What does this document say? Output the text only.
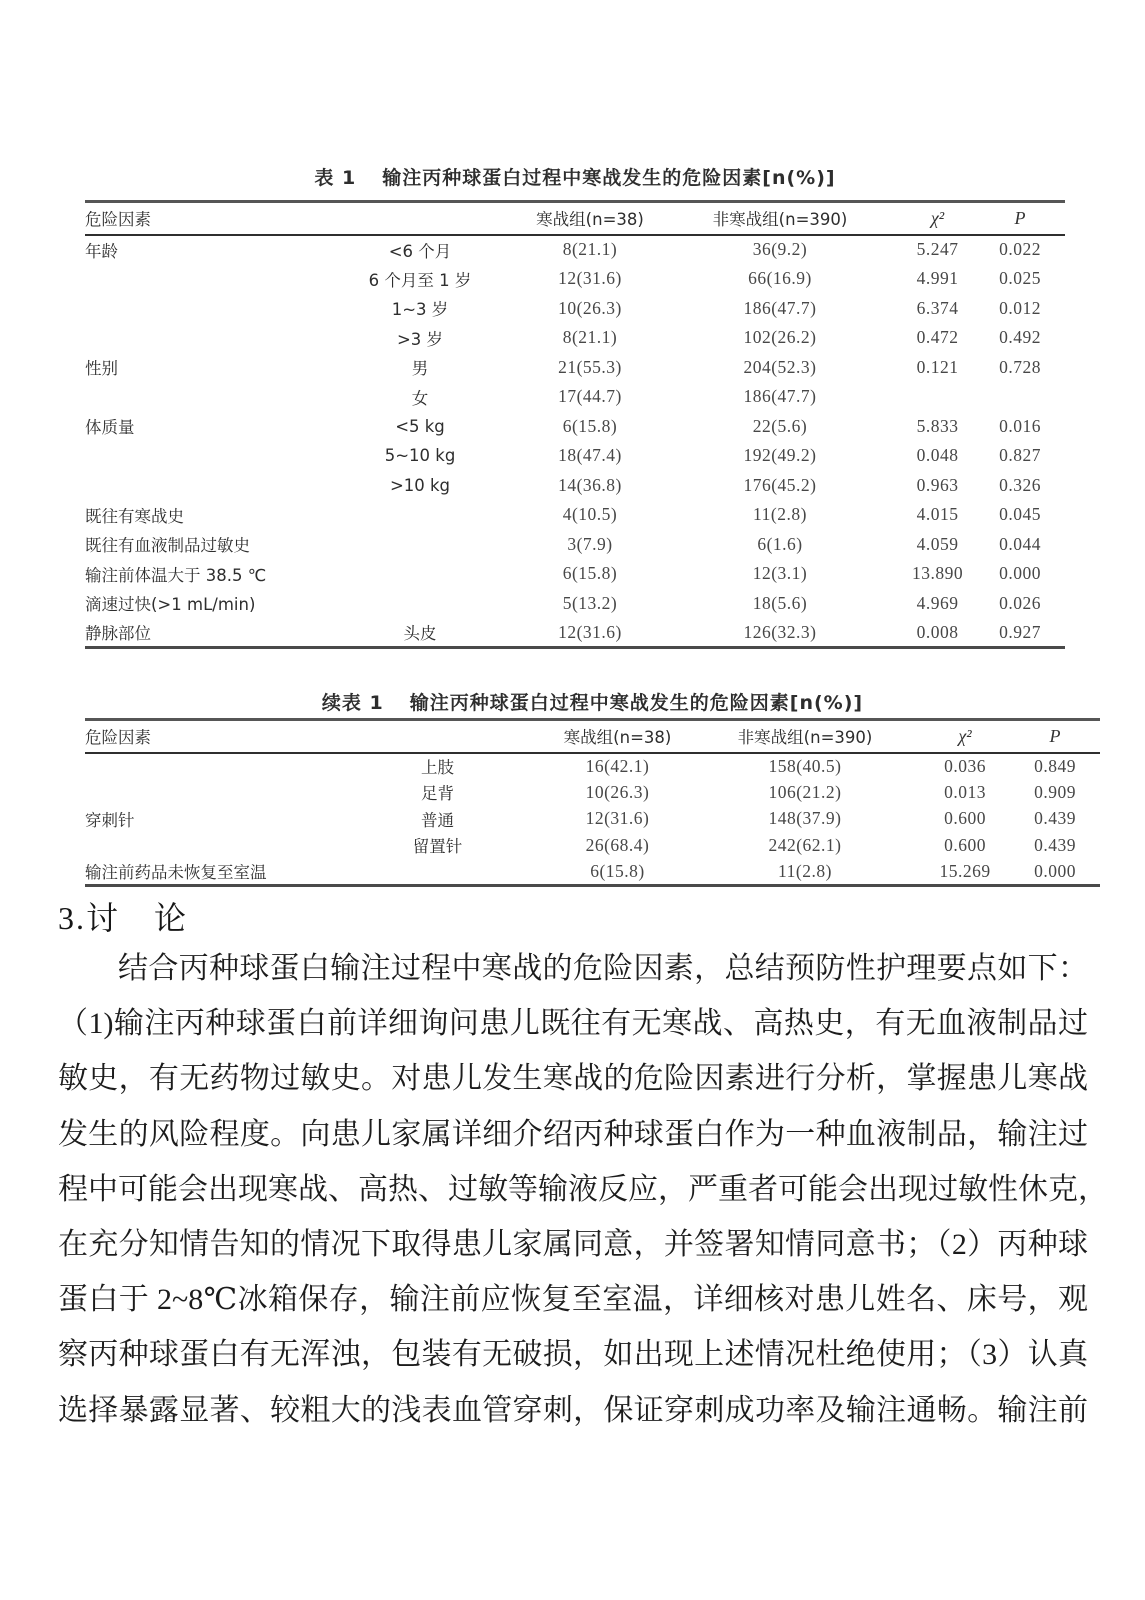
表 1 输注丙种球蛋白过程中寒战发生的危险因素[n(%)]
危险因素		寒战组(n=38)	非寒战组(n=390)	χ²	P
年龄	<6 个月	8(21.1)	36(9.2)	5.247	0.022
	6 个月至 1 岁	12(31.6)	66(16.9)	4.991	0.025
	1~3 岁	10(26.3)	186(47.7)	6.374	0.012
	>3 岁	8(21.1)	102(26.2)	0.472	0.492
性别	男	21(55.3)	204(52.3)	0.121	0.728
	女	17(44.7)	186(47.7)		
体质量	<5 kg	6(15.8)	22(5.6)	5.833	0.016
	5~10 kg	18(47.4)	192(49.2)	0.048	0.827
	>10 kg	14(36.8)	176(45.2)	0.963	0.326
既往有寒战史		4(10.5)	11(2.8)	4.015	0.045
既往有血液制品过敏史		3(7.9)	6(1.6)	4.059	0.044
输注前体温大于 38.5 ℃		6(15.8)	12(3.1)	13.890	0.000
滴速过快(>1 mL/min)		5(13.2)	18(5.6)	4.969	0.026
静脉部位	头皮	12(31.6)	126(32.3)	0.008	0.927
续表 1 输注丙种球蛋白过程中寒战发生的危险因素[n(%)]
危险因素		寒战组(n=38)	非寒战组(n=390)	χ²	P
	上肢	16(42.1)	158(40.5)	0.036	0.849
	足背	10(26.3)	106(21.2)	0.013	0.909
穿刺针	普通	12(31.6)	148(37.9)	0.600	0.439
	留置针	26(68.4)	242(62.1)	0.600	0.439
输注前药品未恢复至室温		6(15.8)	11(2.8)	15.269	0.000
3.讨　论
结合丙种球蛋白输注过程中寒战的危险因素，总结预防性护理要点如下：
（1)输注丙种球蛋白前详细询问患儿既往有无寒战、高热史，有无血液制品过
敏史，有无药物过敏史。对患儿发生寒战的危险因素进行分析，掌握患儿寒战
发生的风险程度。向患儿家属详细介绍丙种球蛋白作为一种血液制品，输注过
程中可能会出现寒战、高热、过敏等输液反应，严重者可能会出现过敏性休克，
在充分知情告知的情况下取得患儿家属同意，并签署知情同意书；（2）丙种球
蛋白于 2~8℃冰箱保存，输注前应恢复至室温，详细核对患儿姓名、床号，观
察丙种球蛋白有无浑浊，包装有无破损，如出现上述情况杜绝使用；（3）认真
选择暴露显著、较粗大的浅表血管穿刺，保证穿刺成功率及输注通畅。输注前
